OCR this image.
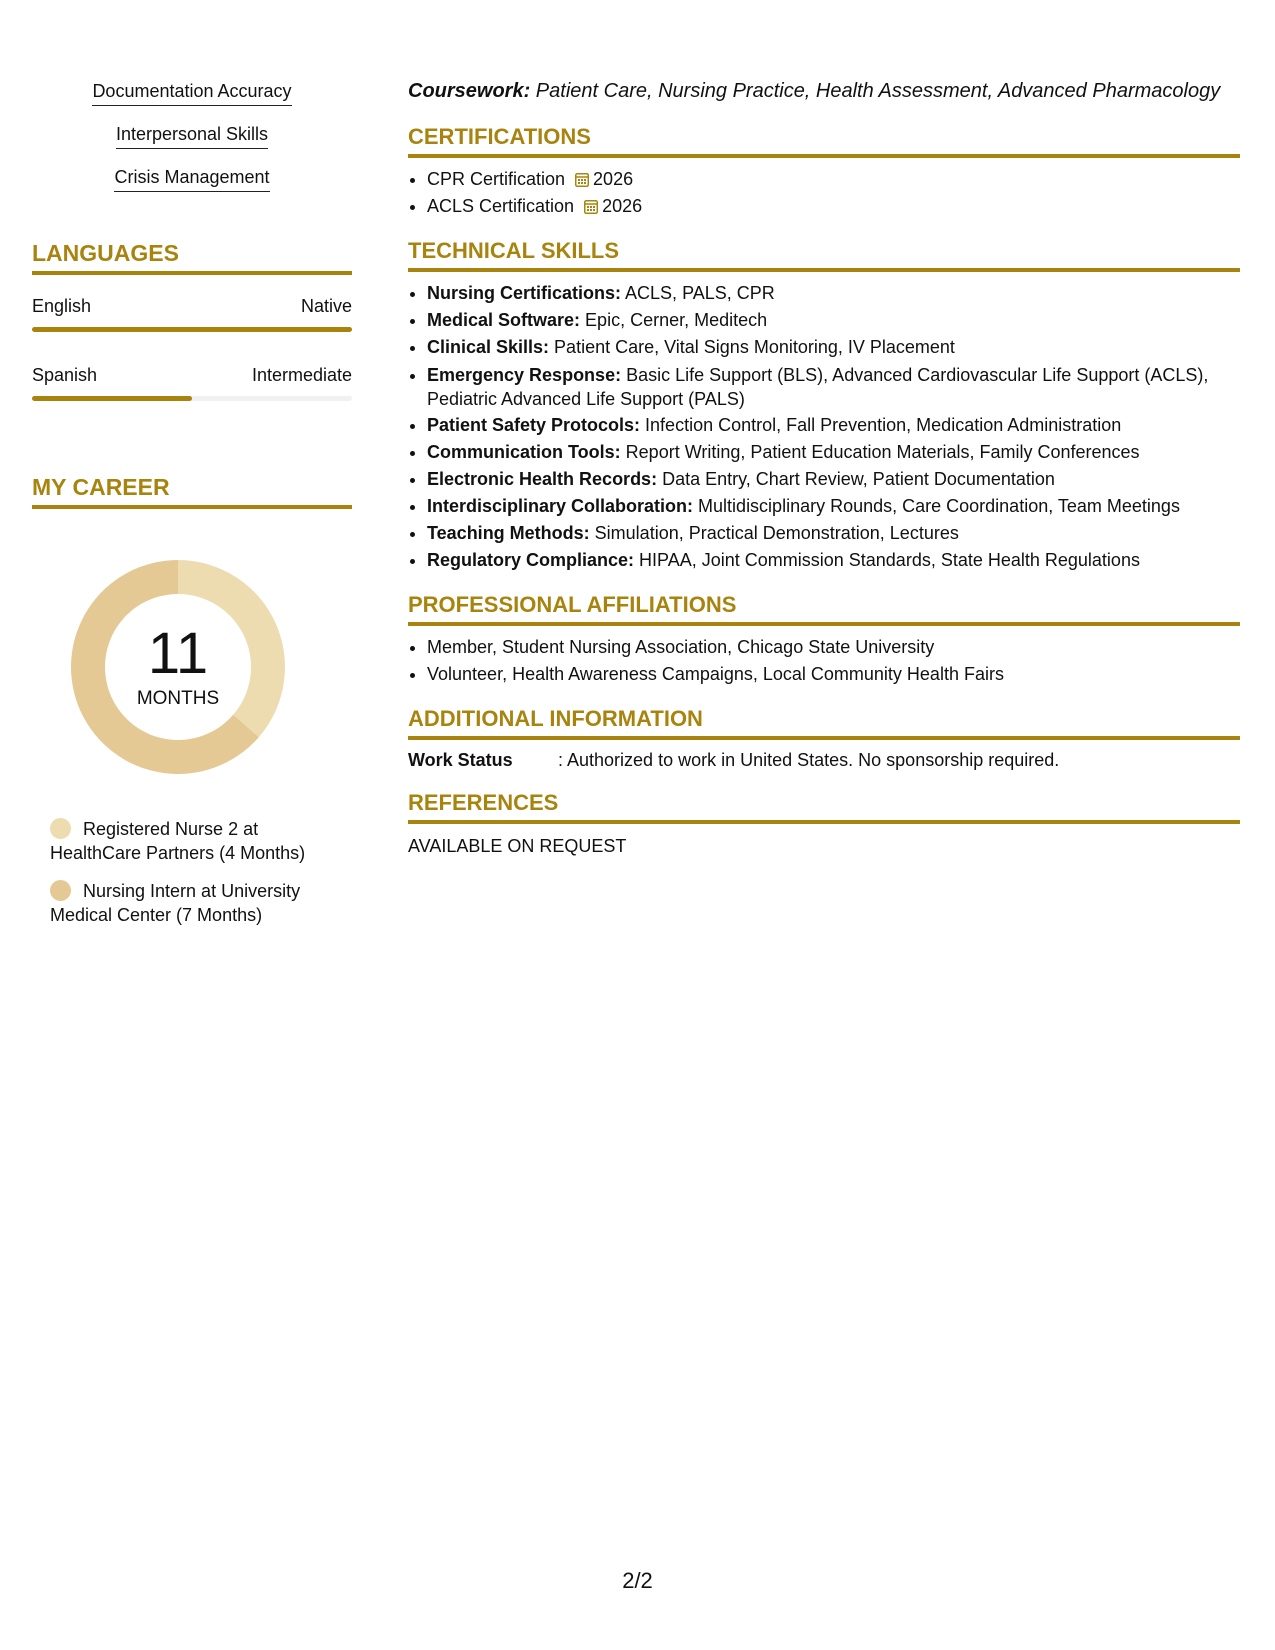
Documentation Accuracy
Interpersonal Skills
Crisis Management
LANGUAGES
English	Native
Spanish	Intermediate
MY CAREER
11
MONTHS
Registered Nurse 2 at HealthCare Partners (4 Months)
Nursing Intern at University Medical Center (7 Months)
Coursework: Patient Care, Nursing Practice, Health Assessment, Advanced Pharmacology
CERTIFICATIONS
• CPR Certification 2026
• ACLS Certification 2026
TECHNICAL SKILLS
• Nursing Certifications: ACLS, PALS, CPR
• Medical Software: Epic, Cerner, Meditech
• Clinical Skills: Patient Care, Vital Signs Monitoring, IV Placement
• Emergency Response: Basic Life Support (BLS), Advanced Cardiovascular Life Support (ACLS), Pediatric Advanced Life Support (PALS)
• Patient Safety Protocols: Infection Control, Fall Prevention, Medication Administration
• Communication Tools: Report Writing, Patient Education Materials, Family Conferences
• Electronic Health Records: Data Entry, Chart Review, Patient Documentation
• Interdisciplinary Collaboration: Multidisciplinary Rounds, Care Coordination, Team Meetings
• Teaching Methods: Simulation, Practical Demonstration, Lectures
• Regulatory Compliance: HIPAA, Joint Commission Standards, State Health Regulations
PROFESSIONAL AFFILIATIONS
• Member, Student Nursing Association, Chicago State University
• Volunteer, Health Awareness Campaigns, Local Community Health Fairs
ADDITIONAL INFORMATION
Work Status	: Authorized to work in United States. No sponsorship required.
REFERENCES
AVAILABLE ON REQUEST
2/2
